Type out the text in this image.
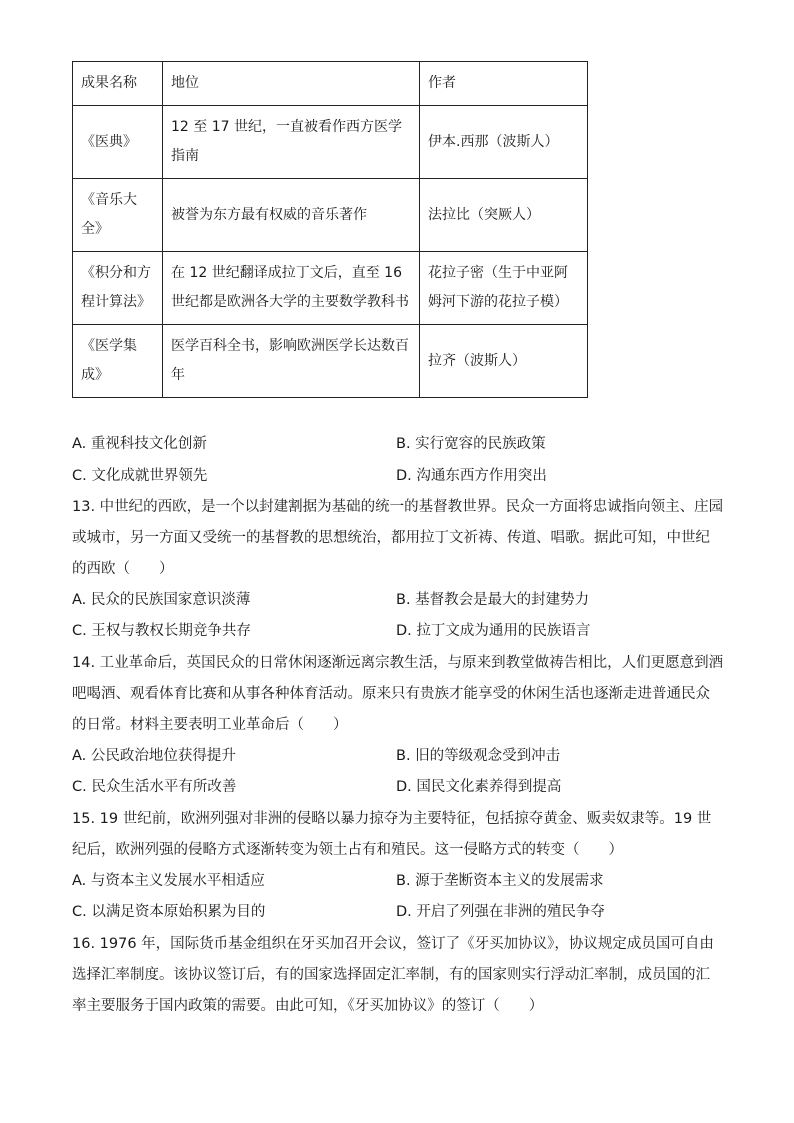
成果名称	地位	作者
《医典》	12 至 17 世纪，一直被看作西方医学指南	伊本.西那（波斯人）
《音乐大全》	被誉为东方最有权威的音乐著作	法拉比（突厥人）
《积分和方程计算法》	在 12 世纪翻译成拉丁文后，直至 16 世纪都是欧洲各大学的主要数学教科书	花拉子密（生于中亚阿姆河下游的花拉子模）
《医学集成》	医学百科全书，影响欧洲医学长达数百年	拉齐（波斯人）
A. 重视科技文化创新	B. 实行宽容的民族政策
C. 文化成就世界领先	D. 沟通东西方作用突出
13. 中世纪的西欧，是一个以封建割据为基础的统一的基督教世界。民众一方面将忠诚指向领主、庄园或城市，另一方面又受统一的基督教的思想统治，都用拉丁文祈祷、传道、唱歌。据此可知，中世纪的西欧（　　）
A. 民众的民族国家意识淡薄	B. 基督教会是最大的封建势力
C. 王权与教权长期竞争共存	D. 拉丁文成为通用的民族语言
14. 工业革命后，英国民众的日常休闲逐渐远离宗教生活，与原来到教堂做祷告相比，人们更愿意到酒吧喝酒、观看体育比赛和从事各种体育活动。原来只有贵族才能享受的休闲生活也逐渐走进普通民众的日常。材料主要表明工业革命后（　　）
A. 公民政治地位获得提升	B. 旧的等级观念受到冲击
C. 民众生活水平有所改善	D. 国民文化素养得到提高
15. 19 世纪前，欧洲列强对非洲的侵略以暴力掠夺为主要特征，包括掠夺黄金、贩卖奴隶等。19 世纪后，欧洲列强的侵略方式逐渐转变为领土占有和殖民。这一侵略方式的转变（　　）
A. 与资本主义发展水平相适应	B. 源于垄断资本主义的发展需求
C. 以满足资本原始积累为目的	D. 开启了列强在非洲的殖民争夺
16. 1976 年，国际货币基金组织在牙买加召开会议，签订了《牙买加协议》，协议规定成员国可自由选择汇率制度。该协议签订后，有的国家选择固定汇率制，有的国家则实行浮动汇率制，成员国的汇率主要服务于国内政策的需要。由此可知，《牙买加协议》的签订（　　）
